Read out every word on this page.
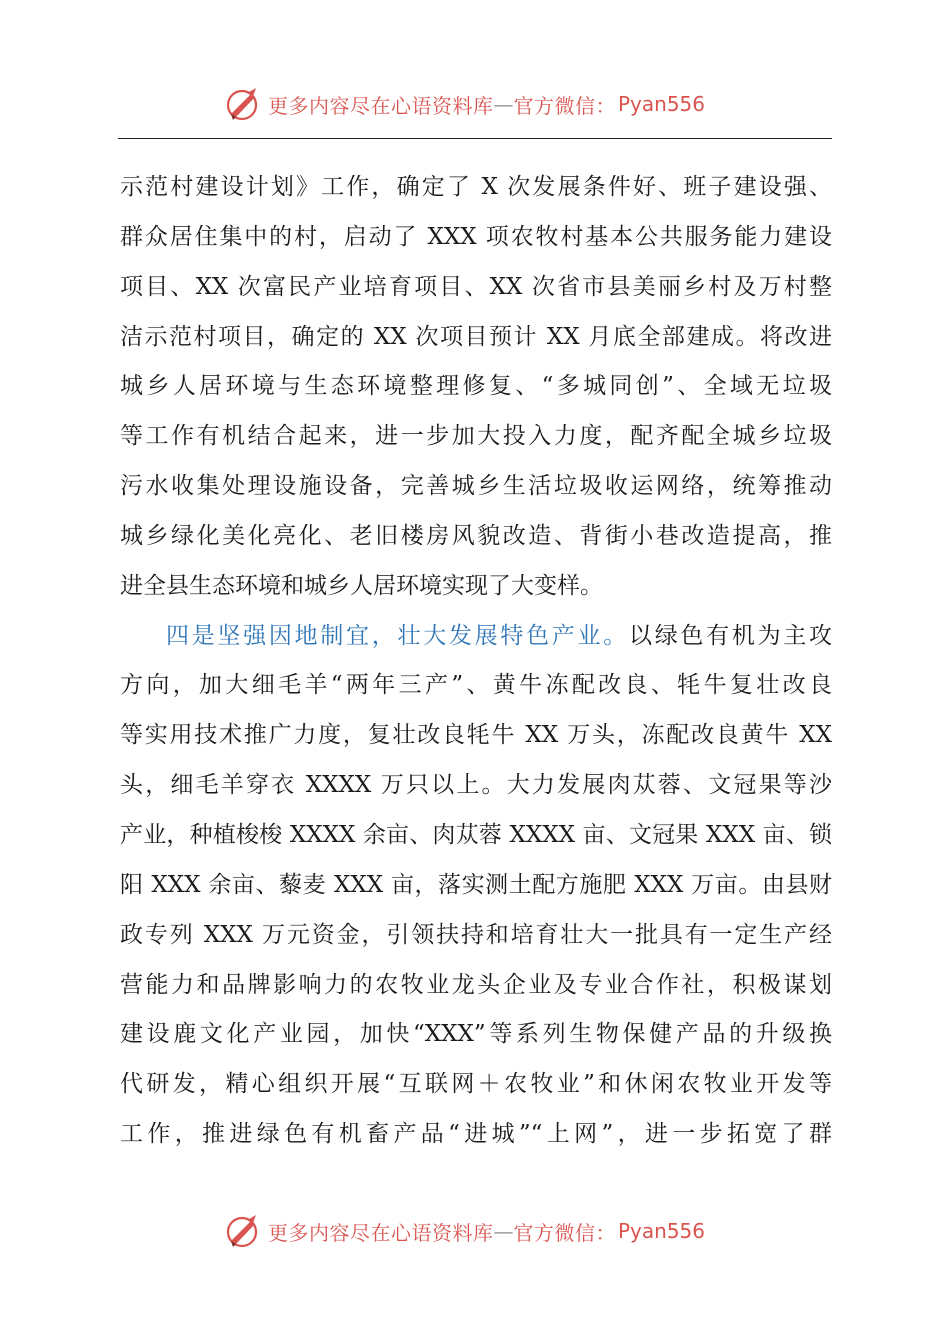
更多内容尽在心语资料库 — 官方微信： Pyan556
示范村建设计划》工作，确定了 X 次发展条件好、班子建设强、
群众居住集中的村，启动了 XXX 项农牧村基本公共服务能力建设
项目、XX 次富民产业培育项目、XX 次省市县美丽乡村及万村整
洁示范村项目，确定的 XX 次项目预计 XX 月底全部建成。将改进
城乡人居环境与生态环境整理修复、“多城同创”、全域无垃圾
等工作有机结合起来，进一步加大投入力度，配齐配全城乡垃圾
污水收集处理设施设备，完善城乡生活垃圾收运网络，统筹推动
城乡绿化美化亮化、老旧楼房风貌改造、背街小巷改造提高，推
进全县生态环境和城乡人居环境实现了大变样。
四是坚强因地制宜，壮大发展特色产业。以绿色有机为主攻
方向，加大细毛羊“两年三产”、黄牛冻配改良、牦牛复壮改良
等实用技术推广力度，复壮改良牦牛 XX 万头，冻配改良黄牛 XX
头，细毛羊穿衣 XXXX 万只以上。大力发展肉苁蓉、文冠果等沙
产业，种植梭梭 XXXX 余亩、肉苁蓉 XXXX 亩、文冠果 XXX 亩、锁
阳 XXX 余亩、藜麦 XXX 亩，落实测土配方施肥 XXX 万亩。由县财
政专列 XXX 万元资金，引领扶持和培育壮大一批具有一定生产经
营能力和品牌影响力的农牧业龙头企业及专业合作社，积极谋划
建设鹿文化产业园，加快“XXX”等系列生物保健产品的升级换
代研发，精心组织开展“互联网＋农牧业”和休闲农牧业开发等
工作，推进绿色有机畜产品“进城”“上网”，进一步拓宽了群
更多内容尽在心语资料库 — 官方微信： Pyan556
